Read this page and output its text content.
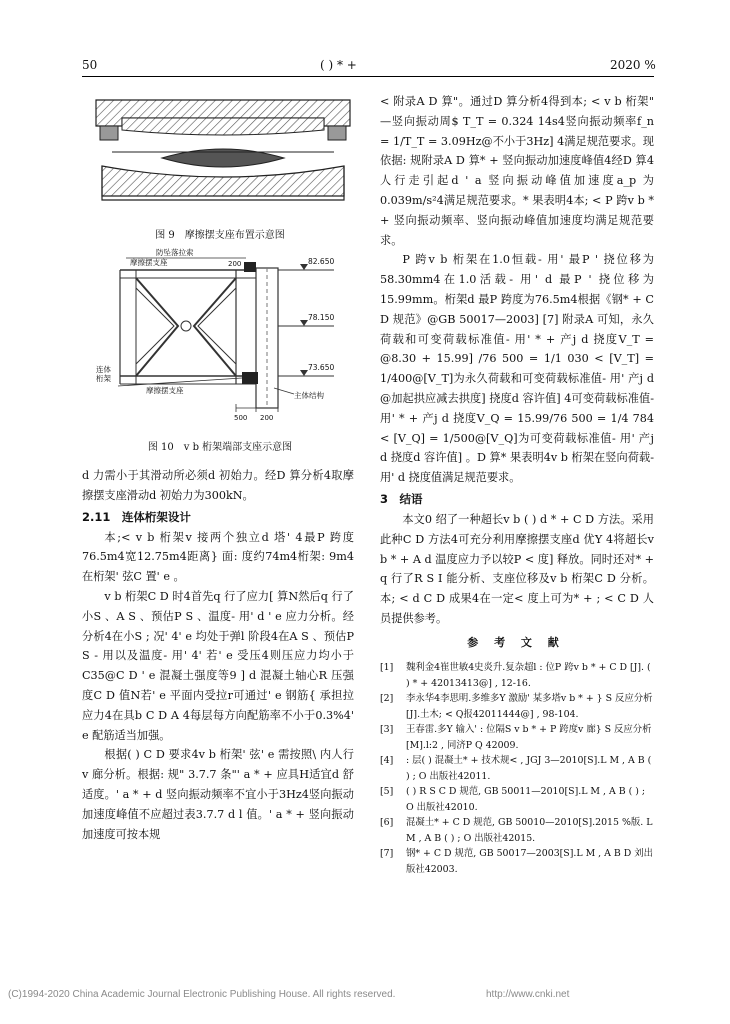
50	( ) * +	2020 %
图 9　摩擦摆支座布置示意图
防坠落拉索
摩擦摆支座	200	82.650
78.150
73.650
连体桁架
摩擦摆支座
主体结构
500 200
图 10　v b 桁架端部支座示意图

d 力需小于其滑动所必须d 初始力。经D 算分析4取摩擦摆支座滑动d 初始力为300kN。

2.11　连体桁架设计

本;< v b 桁架v 接两个独立d 塔' 4最P 跨度76.5m4宽12.75m4距离} 面: 度约74m4桁架: 9m4在桁架' 弦C 置' e 。

v b 桁架C D 时4首先q 行了应力[ 算N然后q 行了小S 、A S 、预估P S 、温度- 用' d ' e 应力分析。经分析4在小S ; 况' 4' e 均处于弹l 阶段4在A S 、预估P S - 用以及温度- 用' 4' 若' e 受压4则压应力均小于C35@C D ' e 混凝土强度等9 ] d 混凝土轴心R 压强度C D 值N若' e 平面内受拉r可通过' e 钢筋{ 承担拉应力4在具b C D A 4每层每方向配筋率不小于0.3%4' e 配筋适当加强。

根据( ) C D 要求4v b 桁架' 弦' e 需按照\ 内人行v 廊分析。根据: 规" 3.7.7 条"' a * + 应具H适宜d 舒适度。' a * + d 竖向振动频率不宜小于3Hz4竖向振动加速度峰值不应超过表3.7.7 d l 值。' a * + 竖向振动加速度可按本规

< 附录A D 算"。通过D 算分析4得到本; < v b 桁架" —竖向振动周$ T_T = 0.324 14s4竖向振动频率f_n = 1/T_T = 3.09Hz@不小于3Hz] 4满足规范要求。现依据: 规附录A D 算* + 竖向振动加速度峰值4经D 算4人行走引起d ' a 竖向振动峰值加速度a_p 为0.039m/s²4满足规范要求。* 果表明4本; < P 跨v b * + 竖向振动频率、竖向振动峰值加速度均满足规范要求。

P 跨v b 桁架在1.0恒载- 用' 最P ' 挠位移为58.30mm4在1.0活载- 用' d 最P ' 挠位移为15.99mm。桁架d 最P 跨度为76.5m4根据《钢* + C D 规范》@GB 50017—2003] [7] 附录A 可知，永久荷载和可变荷载标准值- 用' * + 产j d 挠度V_T = @8.30 + 15.99] /76 500 = 1/1 030 < [V_T] = 1/400@[V_T]为永久荷载和可变荷载标准值- 用' 产j d @加起拱应减去拱度] 挠度d 容许值] 4可变荷载标准值- 用' * + 产j d 挠度V_Q = 15.99/76 500 = 1/4 784 < [V_Q] = 1/500@[V_Q]为可变荷载标准值- 用' 产j d 挠度d 容许值] 。D 算* 果表明4v b 桁架在竖向荷载- 用' d 挠度值满足规范要求。

3　结语

本文0 绍了一种超长v b ( ) d * + C D 方法。采用此种C D 方法4可充分利用摩擦摆支座d 优Y 4将超长v b * + A d 温度应力予以较P < 度] 释放。同时还对* + q 行了R S I 能分析、支座位移及v b 桁架C D 分析。本; < d C D 成果4在一定< 度上可为* + ; < C D 人员提供参考。

参 考 文 献

[1] 魏利金4崔世敏4史炎升.复杂超l : 位P 跨v b * + C D [J]. ( ) * + 42013413@] , 12-16.

[2] 李永华4李思明.多维多Y 激励' 某多塔v b * + } S 反应分析[J].土木; < Q报42011444@] , 98-104.

[3] 王春雷.多Y 输入' : 位隔S v b * + P 跨度v 廊} S 反应分析[M].l:2 , 同济P Q 42009.

[4] : 层( ) 混凝土* + 技术规< , JGJ 3—2010[S].L M , A B ( ) ; O 出版社42011.

[5] ( ) R S C D 规范, GB 50011—2010[S].L M , A B ( ) ; O 出版社42010.

[6] 混凝土* + C D 规范, GB 50010—2010[S].2015 %版. L M , A B ( ) ; O 出版社42015.

[7] 钢* + C D 规范, GB 50017—2003[S].L M , A B D 刘出版社42003.

(C)1994-2020 China Academic Journal Electronic Publishing House. All rights reserved.	http://www.cnki.net
